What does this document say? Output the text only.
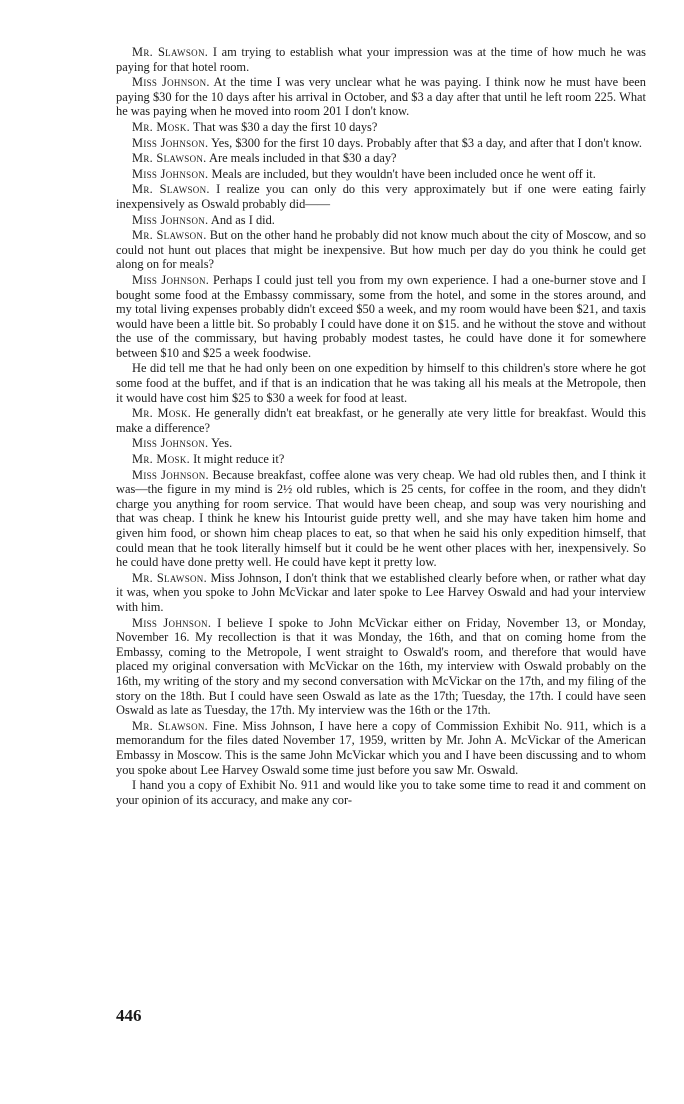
Mr. Slawson. I am trying to establish what your impression was at the time of how much he was paying for that hotel room.

Miss Johnson. At the time I was very unclear what he was paying. I think now he must have been paying $30 for the 10 days after his arrival in October, and $3 a day after that until he left room 225. What he was paying when he moved into room 201 I don't know.

Mr. Mosk. That was $30 a day the first 10 days?

Miss Johnson. Yes, $300 for the first 10 days. Probably after that $3 a day, and after that I don't know.

Mr. Slawson. Are meals included in that $30 a day?

Miss Johnson. Meals are included, but they wouldn't have been included once he went off it.

Mr. Slawson. I realize you can only do this very approximately but if one were eating fairly inexpensively as Oswald probably did——

Miss Johnson. And as I did.

Mr. Slawson. But on the other hand he probably did not know much about the city of Moscow, and so could not hunt out places that might be inexpensive. But how much per day do you think he could get along on for meals?

Miss Johnson. Perhaps I could just tell you from my own experience. I had a one-burner stove and I bought some food at the Embassy commissary, some from the hotel, and some in the stores around, and my total living expenses probably didn't exceed $50 a week, and my room would have been $21, and taxis would have been a little bit. So probably I could have done it on $15. and he without the stove and without the use of the commissary, but having probably modest tastes, he could have done it for somewhere between $10 and $25 a week foodwise.

He did tell me that he had only been on one expedition by himself to this children's store where he got some food at the buffet, and if that is an indication that he was taking all his meals at the Metropole, then it would have cost him $25 to $30 a week for food at least.

Mr. Mosk. He generally didn't eat breakfast, or he generally ate very little for breakfast. Would this make a difference?

Miss Johnson. Yes.

Mr. Mosk. It might reduce it?

Miss Johnson. Because breakfast, coffee alone was very cheap. We had old rubles then, and I think it was—the figure in my mind is 2½ old rubles, which is 25 cents, for coffee in the room, and they didn't charge you anything for room service. That would have been cheap, and soup was very nourishing and that was cheap. I think he knew his Intourist guide pretty well, and she may have taken him home and given him food, or shown him cheap places to eat, so that when he said his only expedition himself, that could mean that he took literally himself but it could be he went other places with her, inexpensively. So he could have done pretty well. He could have kept it pretty low.

Mr. Slawson. Miss Johnson, I don't think that we established clearly before when, or rather what day it was, when you spoke to John McVickar and later spoke to Lee Harvey Oswald and had your interview with him.

Miss Johnson. I believe I spoke to John McVickar either on Friday, November 13, or Monday, November 16. My recollection is that it was Monday, the 16th, and that on coming home from the Embassy, coming to the Metropole, I went straight to Oswald's room, and therefore that would have placed my original conversation with McVickar on the 16th, my interview with Oswald probably on the 16th, my writing of the story and my second conversation with McVickar on the 17th, and my filing of the story on the 18th. But I could have seen Oswald as late as the 17th; Tuesday, the 17th. I could have seen Oswald as late as Tuesday, the 17th. My interview was the 16th or the 17th.

Mr. Slawson. Fine. Miss Johnson, I have here a copy of Commission Exhibit No. 911, which is a memorandum for the files dated November 17, 1959, written by Mr. John A. McVickar of the American Embassy in Moscow. This is the same John McVickar which you and I have been discussing and to whom you spoke about Lee Harvey Oswald some time just before you saw Mr. Oswald.

I hand you a copy of Exhibit No. 911 and would like you to take some time to read it and comment on your opinion of its accuracy, and make any cor-

446
